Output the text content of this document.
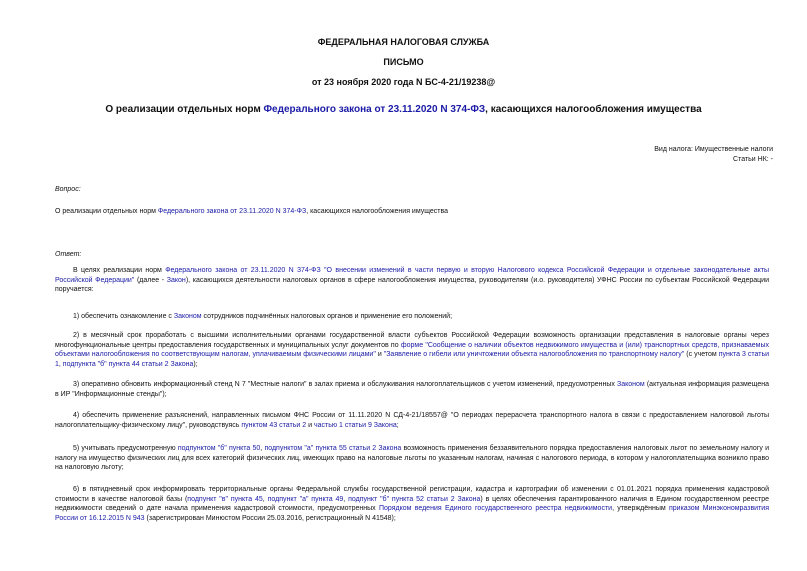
ФЕДЕРАЛЬНАЯ НАЛОГОВАЯ СЛУЖБА
ПИСЬМО
от 23 ноября 2020 года N БС-4-21/19238@
О реализации отдельных норм Федерального закона от 23.11.2020 N 374-ФЗ, касающихся налогообложения имущества
Вид налога: Имущественные налоги
Статьи НК: -
Вопрос:
О реализации отдельных норм Федерального закона от 23.11.2020 N 374-ФЗ, касающихся налогообложения имущества
Ответ:

В целях реализации норм Федерального закона от 23.11.2020 N 374-ФЗ "О внесении изменений в части первую и вторую Налогового кодекса Российской Федерации и отдельные законодательные акты Российской Федерации" (далее - Закон), касающихся деятельности налоговых органов в сфере налогообложения имущества, руководителям (и.о. руководителя) УФНС России по субъектам Российской Федерации поручается:

1) обеспечить ознакомление с Законом сотрудников подчинённых налоговых органов и применение его положений;

2) в месячный срок проработать с высшими исполнительными органами государственной власти субъектов Российской Федерации возможность организации представления в налоговые органы через многофункциональные центры предоставления государственных и муниципальных услуг документов по форме "Сообщение о наличии объектов недвижимого имущества и (или) транспортных средств, признаваемых объектами налогообложения по соответствующим налогам, уплачиваемым физическими лицами" и "Заявление о гибели или уничтожении объекта налогообложения по транспортному налогу" (с учетом пункта 3 статьи 1, подпункта "б" пункта 44 статьи 2 Закона);

3) оперативно обновить информационный стенд N 7 "Местные налоги" в залах приема и обслуживания налогоплательщиков с учетом изменений, предусмотренных Законом (актуальная информация размещена в ИР "Информационные стенды");

4) обеспечить применение разъяснений, направленных письмом ФНС России от 11.11.2020 N СД-4-21/18557@ "О периодах перерасчета транспортного налога в связи с предоставлением налоговой льготы налогоплательщику-физическому лицу", руководствуясь пунктом 43 статьи 2 и частью 1 статьи 9 Закона;

5) учитывать предусмотренную подпунктом "б" пункта 50, подпунктом "а" пункта 55 статьи 2 Закона возможность применения беззаявительного порядка предоставления налоговых льгот по земельному налогу и налогу на имущество физических лиц для всех категорий физических лиц, имеющих право на налоговые льготы по указанным налогам, начиная с налогового периода, в котором у налогоплательщика возникло право на налоговую льготу;

6) в пятидневный срок информировать территориальные органы Федеральной службы государственной регистрации, кадастра и картографии об изменении с 01.01.2021 порядка применения кадастровой стоимости в качестве налоговой базы (подпункт "в" пункта 45, подпункт "а" пункта 49, подпункт "б" пункта 52 статьи 2 Закона) в целях обеспечения гарантированного наличия в Едином государственном реестре недвижимости сведений о дате начала применения кадастровой стоимости, предусмотренных Порядком ведения Единого государственного реестра недвижимости, утверждённым приказом Минэкономразвития России от 16.12.2015 N 943 (зарегистрирован Минюстом России 25.03.2016, регистрационный N 41548);
